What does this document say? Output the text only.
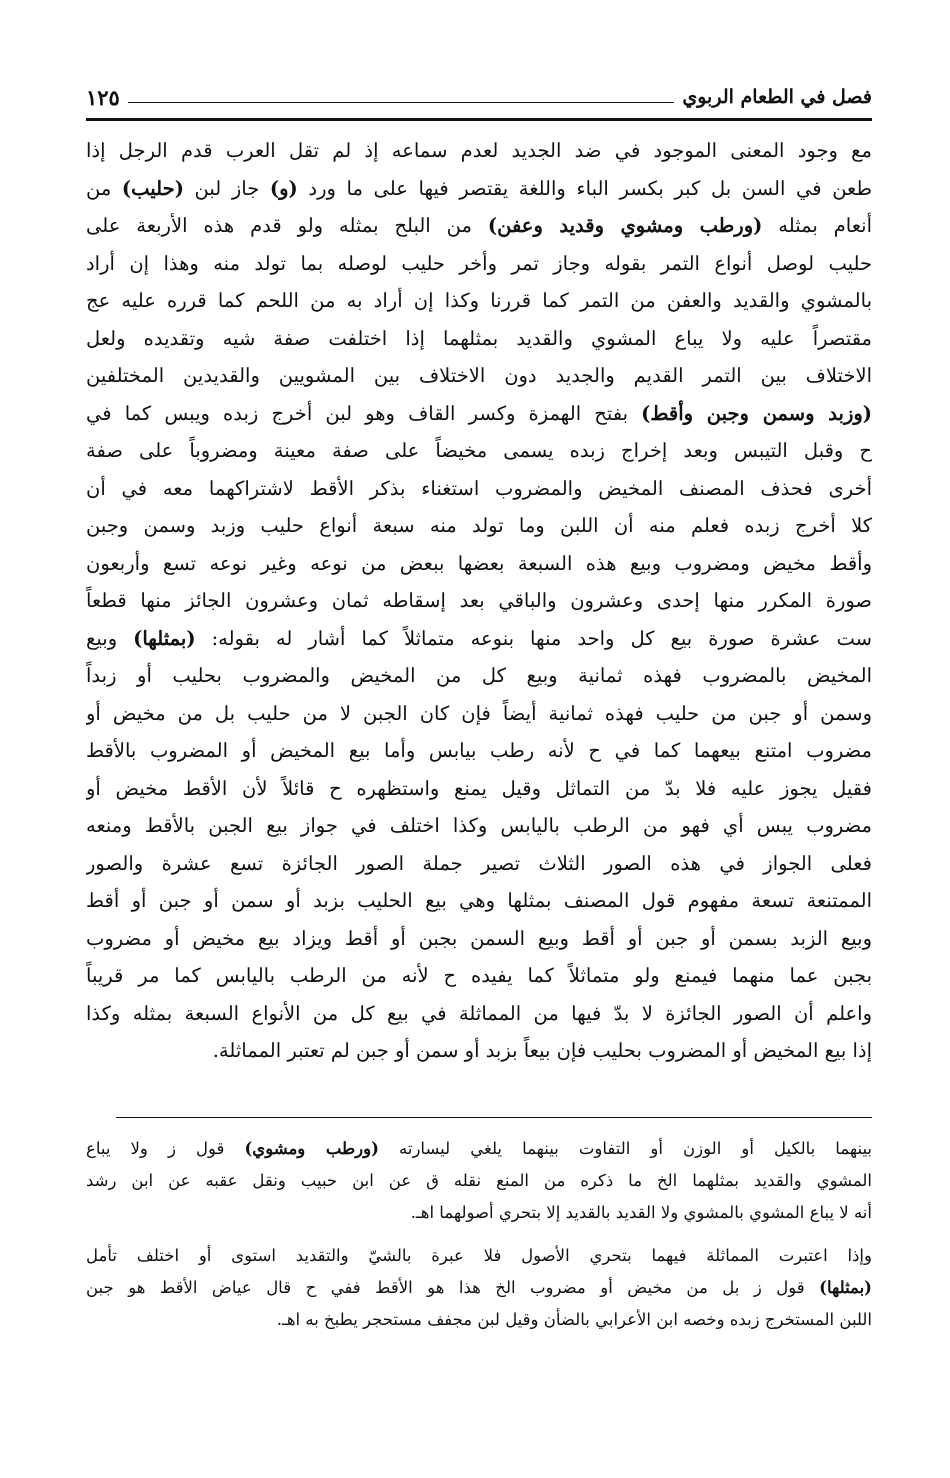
فصل في الطعام الربوي
١٢٥
مع وجود المعنى الموجود في ضد الجديد لعدم سماعه إذ لم تقل العرب قدم الرجل إذا
طعن في السن بل كبر بكسر الباء واللغة يقتصر فيها على ما ورد (و) جاز لبن (حليب) من
أنعام بمثله (ورطب ومشوي وقديد وعفن) من البلح بمثله ولو قدم هذه الأربعة على
حليب لوصل أنواع التمر بقوله وجاز تمر وأخر حليب لوصله بما تولد منه وهذا إن أراد
بالمشوي والقديد والعفن من التمر كما قررنا وكذا إن أراد به من اللحم كما قرره عليه عج
مقتصراً عليه ولا يباع المشوي والقديد بمثلهما إذا اختلفت صفة شيه وتقديده ولعل
الاختلاف بين التمر القديم والجديد دون الاختلاف بين المشويين والقديدين المختلفين
(وزبد وسمن وجبن وأقط) بفتح الهمزة وكسر القاف وهو لبن أخرج زبده ويبس كما في
ح وقبل التيبس وبعد إخراج زبده يسمى مخيضاً على صفة معينة ومضروباً على صفة
أخرى فحذف المصنف المخيض والمضروب استغناء بذكر الأقط لاشتراكهما معه في أن
كلا أخرج زبده فعلم منه أن اللبن وما تولد منه سبعة أنواع حليب وزبد وسمن وجبن
وأقط مخيض ومضروب وبيع هذه السبعة بعضها ببعض من نوعه وغير نوعه تسع وأربعون
صورة المكرر منها إحدى وعشرون والباقي بعد إسقاطه ثمان وعشرون الجائز منها قطعاً
ست عشرة صورة بيع كل واحد منها بنوعه متماثلاً كما أشار له بقوله: (بمثلها) وبيع
المخيض بالمضروب فهذه ثمانية وبيع كل من المخيض والمضروب بحليب أو زبداً
وسمن أو جبن من حليب فهذه ثمانية أيضاً فإن كان الجبن لا من حليب بل من مخيض أو
مضروب امتنع بيعهما كما في ح لأنه رطب بيابس وأما بيع المخيض أو المضروب بالأقط
فقيل يجوز عليه فلا بدّ من التماثل وقيل يمنع واستظهره ح قائلاً لأن الأقط مخيض أو
مضروب يبس أي فهو من الرطب باليابس وكذا اختلف في جواز بيع الجبن بالأقط ومنعه
فعلى الجواز في هذه الصور الثلاث تصير جملة الصور الجائزة تسع عشرة والصور
الممتنعة تسعة مفهوم قول المصنف بمثلها وهي بيع الحليب بزبد أو سمن أو جبن أو أقط
وبيع الزبد بسمن أو جبن أو أقط وبيع السمن بجبن أو أقط ويزاد بيع مخيض أو مضروب
بجبن عما منهما فيمنع ولو متماثلاً كما يفيده ح لأنه من الرطب باليابس كما مر قريباً
واعلم أن الصور الجائزة لا بدّ فيها من المماثلة في بيع كل من الأنواع السبعة بمثله وكذا
إذا بيع المخيض أو المضروب بحليب فإن بيعاً بزبد أو سمن أو جبن لم تعتبر المماثلة.
بينهما بالكيل أو الوزن أو التفاوت بينهما يلغي ليسارته (ورطب ومشوي) قول ز ولا يباع
المشوي والقديد بمثلهما الخ ما ذكره من المنع نقله ق عن ابن حبيب ونقل عقبه عن ابن رشد
أنه لا يباع المشوي بالمشوي ولا القديد بالقديد إلا بتحري أصولهما اهـ.
وإذا اعتبرت المماثلة فيهما بتحري الأصول فلا عبرة بالشيّ والتقديد استوى أو اختلف تأمل
(بمثلها) قول ز بل من مخيض أو مضروب الخ هذا هو الأقط ففي ح قال عياض الأقط هو جبن
اللبن المستخرج زبده وخصه ابن الأعرابي بالضأن وقيل لبن مجفف مستحجر يطبخ به اهـ.
